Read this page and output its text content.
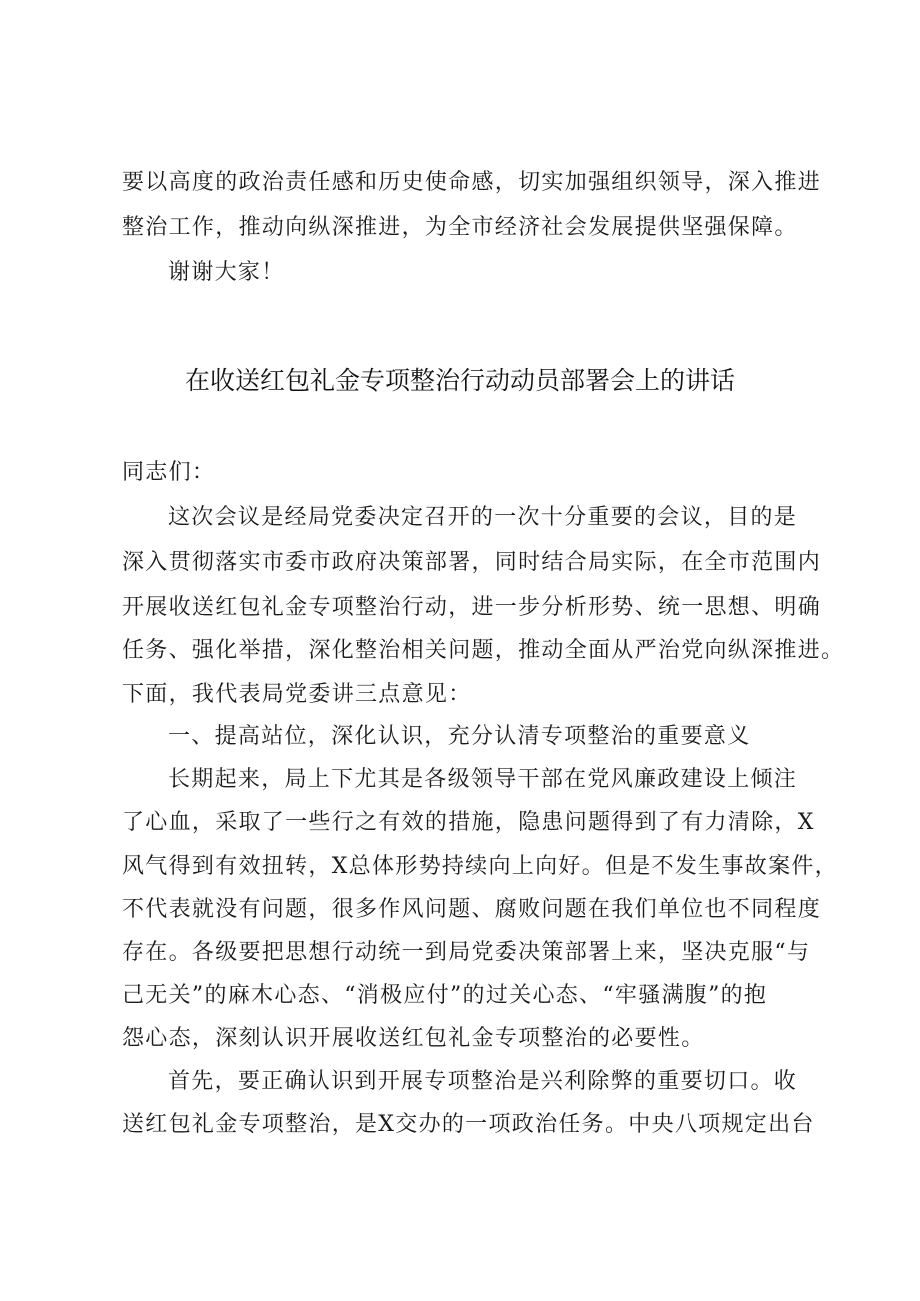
要以高度的政治责任感和历史使命感，切实加强组织领导，深入推进
整治工作，推动向纵深推进，为全市经济社会发展提供坚强保障。
谢谢大家！
在收送红包礼金专项整治行动动员部署会上的讲话
同志们：
这次会议是经局党委决定召开的一次十分重要的会议，目的是
深入贯彻落实市委市政府决策部署，同时结合局实际，在全市范围内
开展收送红包礼金专项整治行动，进一步分析形势、统一思想、明确
任务、强化举措，深化整治相关问题，推动全面从严治党向纵深推进。
下面，我代表局党委讲三点意见：
一、提高站位，深化认识，充分认清专项整治的重要意义
长期起来，局上下尤其是各级领导干部在党风廉政建设上倾注
了心血，采取了一些行之有效的措施，隐患问题得到了有力清除，X
风气得到有效扭转，X总体形势持续向上向好。但是不发生事故案件，
不代表就没有问题，很多作风问题、腐败问题在我们单位也不同程度
存在。各级要把思想行动统一到局党委决策部署上来，坚决克服“与
己无关”的麻木心态、“消极应付”的过关心态、“牢骚满腹”的抱
怨心态，深刻认识开展收送红包礼金专项整治的必要性。
首先，要正确认识到开展专项整治是兴利除弊的重要切口。收
送红包礼金专项整治，是X交办的一项政治任务。中央八项规定出台
